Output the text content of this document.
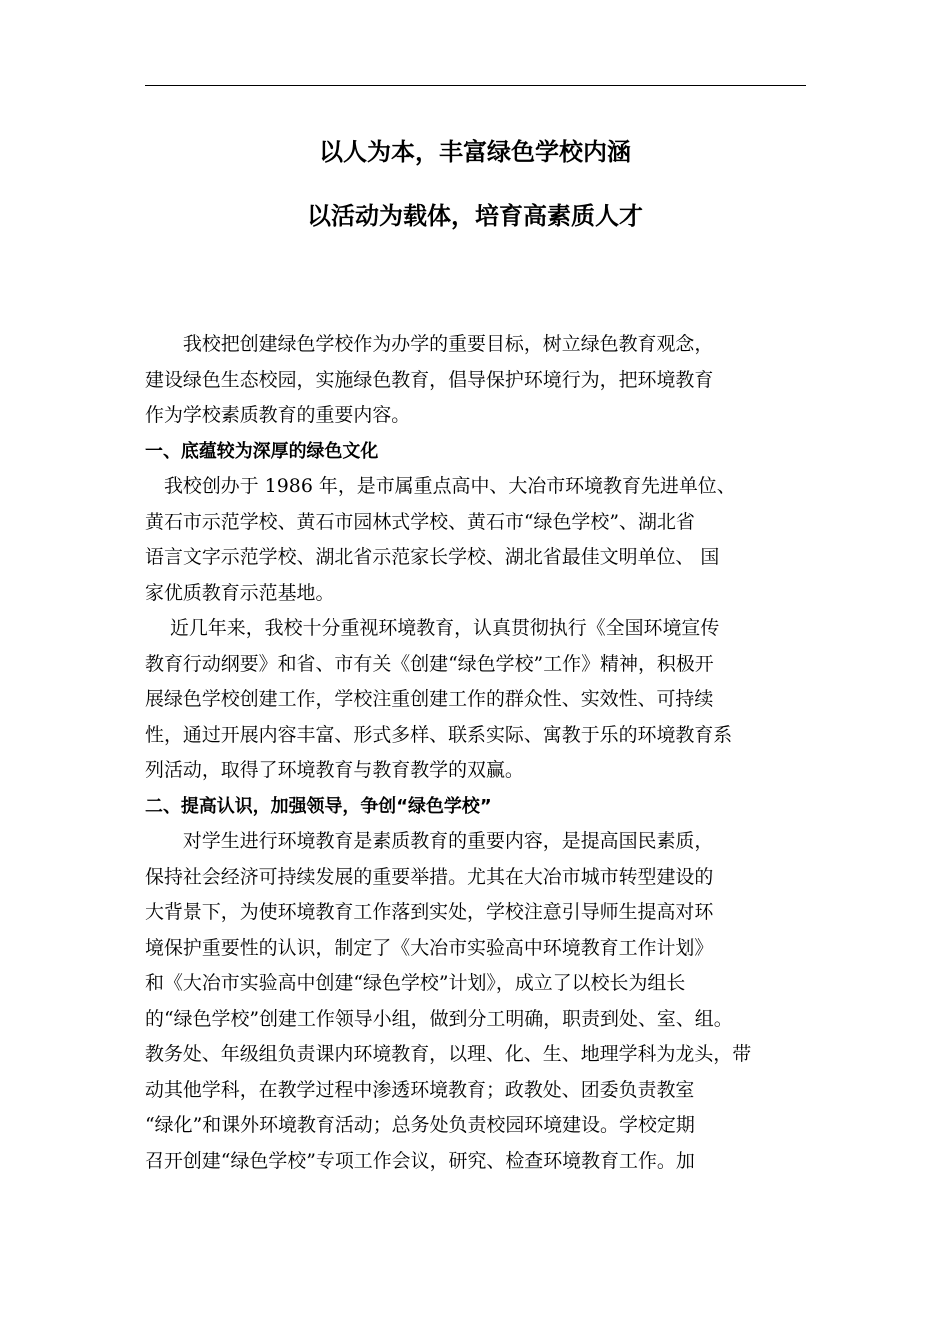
以人为本，丰富绿色学校内涵
以活动为载体，培育高素质人才
　　我校把创建绿色学校作为办学的重要目标，树立绿色教育观念，
建设绿色生态校园，实施绿色教育，倡导保护环境行为，把环境教育
作为学校素质教育的重要内容。
一、底蕴较为深厚的绿色文化
　我校创办于 1986 年，是市属重点高中、大冶市环境教育先进单位、
黄石市示范学校、黄石市园林式学校、黄石市“绿色学校”、湖北省
语言文字示范学校、湖北省示范家长学校、湖北省最佳文明单位、 国
家优质教育示范基地。
　 近几年来，我校十分重视环境教育，认真贯彻执行《全国环境宣传
教育行动纲要》和省、市有关《创建“绿色学校”工作》精神，积极开
展绿色学校创建工作，学校注重创建工作的群众性、实效性、可持续
性，通过开展内容丰富、形式多样、联系实际、寓教于乐的环境教育系
列活动，取得了环境教育与教育教学的双赢。
二、提高认识，加强领导，争创“绿色学校”
　　对学生进行环境教育是素质教育的重要内容，是提高国民素质，
保持社会经济可持续发展的重要举措。尤其在大冶市城市转型建设的
大背景下，为使环境教育工作落到实处，学校注意引导师生提高对环
境保护重要性的认识，制定了《大冶市实验高中环境教育工作计划》
和《大冶市实验高中创建“绿色学校”计划》，成立了以校长为组长
的“绿色学校”创建工作领导小组，做到分工明确，职责到处、室、组。
教务处、年级组负责课内环境教育，以理、化、生、地理学科为龙头，带
动其他学科，在教学过程中渗透环境教育；政教处、团委负责教室
“绿化”和课外环境教育活动；总务处负责校园环境建设。学校定期
召开创建“绿色学校”专项工作会议，研究、检查环境教育工作。加
